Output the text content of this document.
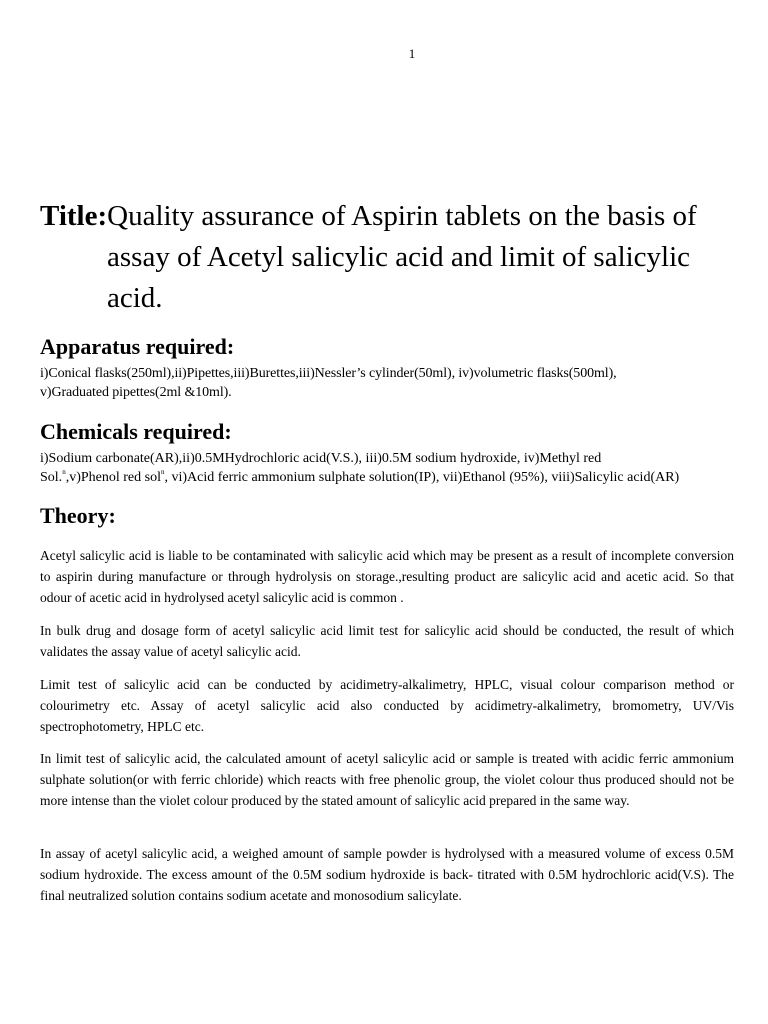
1
Title:Quality assurance of Aspirin tablets on the basis of
assay of Acetyl salicylic acid and limit of salicylic
acid.
Apparatus required:
i)Conical flasks(250ml),ii)Pipettes,iii)Burettes,iii)Nessler’s cylinder(50ml), iv)volumetric flasks(500ml),
v)Graduated pipettes(2ml &10ml).
Chemicals required:
i)Sodium carbonate(AR),ii)0.5MHydrochloric acid(V.S.), iii)0.5M sodium hydroxide, iv)Methyl red
Sol.$^n$,v)Phenol red sol$^n$, vi)Acid ferric ammonium sulphate solution(IP), vii)Ethanol (95%), viii)Salicylic acid(AR)
Theory:

Acetyl salicylic acid is liable to be contaminated with salicylic acid which may be present as a result of incomplete conversion to aspirin during manufacture or through hydrolysis on storage.,resulting product are salicylic acid and acetic acid. So that odour of acetic acid in hydrolysed acetyl salicylic acid is common .

In bulk drug and dosage form of acetyl salicylic acid limit test for salicylic acid should be conducted, the result of which validates the assay value of acetyl salicylic acid.

Limit test of salicylic acid can be conducted by acidimetry-alkalimetry, HPLC, visual colour comparison method or colourimetry etc. Assay of acetyl salicylic acid also conducted by acidimetry-alkalimetry, bromometry, UV/Vis spectrophotometry, HPLC etc.

In limit test of salicylic acid, the calculated amount of acetyl salicylic acid or sample is treated with acidic ferric ammonium sulphate solution(or with ferric chloride) which reacts with free phenolic group, the violet colour thus produced should not be more intense than the violet colour produced by the stated amount of salicylic acid prepared in the same way.

In assay of acetyl salicylic acid, a weighed amount of sample powder is hydrolysed with a measured volume of excess 0.5M sodium hydroxide. The excess amount of the 0.5M sodium hydroxide is back- titrated with 0.5M hydrochloric acid(V.S). The final neutralized solution contains sodium acetate and monosodium salicylate.
